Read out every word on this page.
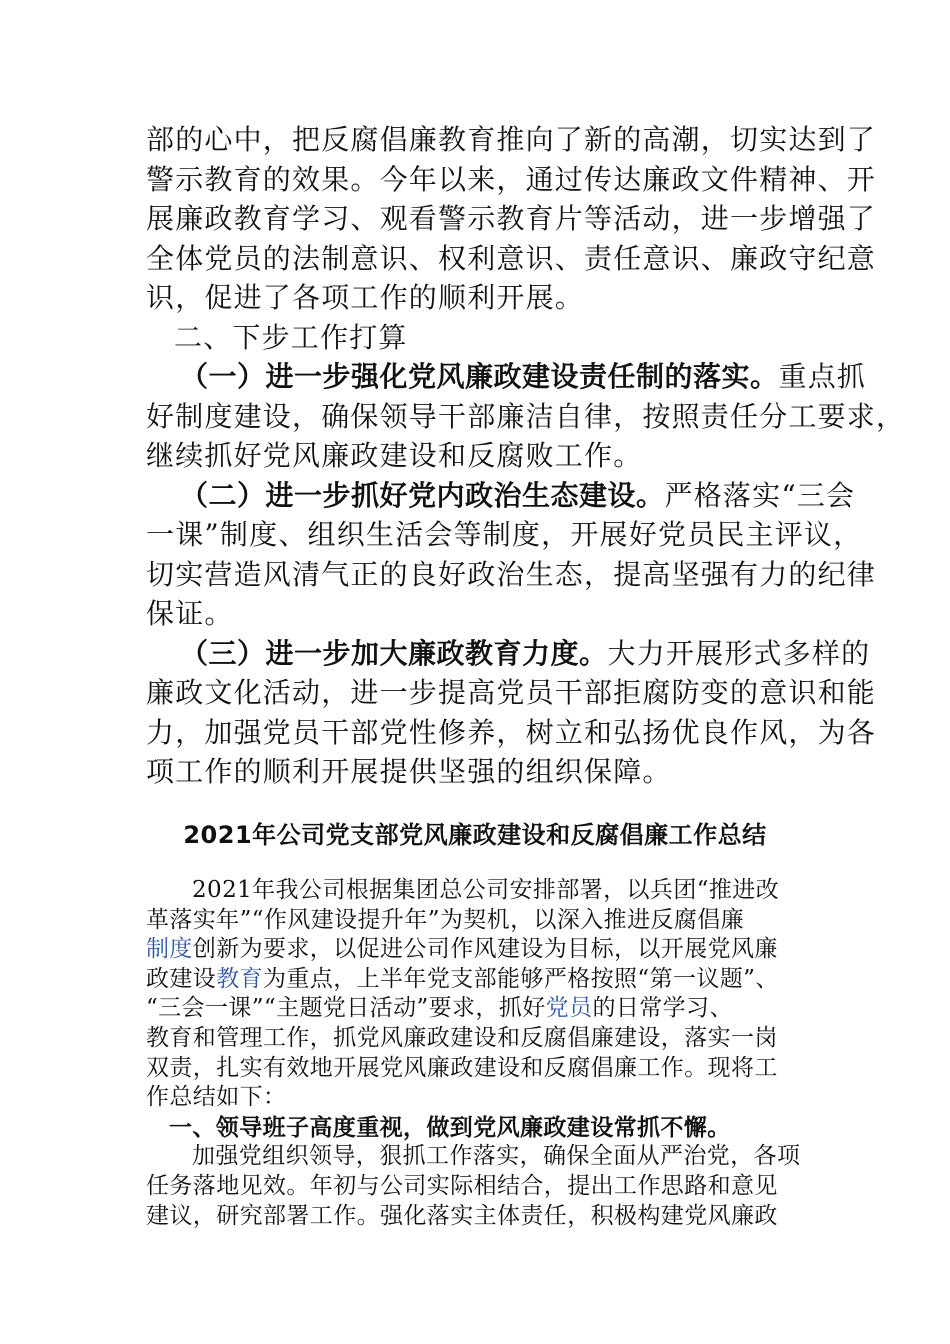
部的心中，把反腐倡廉教育推向了新的高潮，切实达到了
警示教育的效果。今年以来，通过传达廉政文件精神、开
展廉政教育学习、观看警示教育片等活动，进一步增强了
全体党员的法制意识、权利意识、责任意识、廉政守纪意
识，促进了各项工作的顺利开展。
二、下步工作打算
（一）进一步强化党风廉政建设责任制的落实。重点抓
好制度建设，确保领导干部廉洁自律，按照责任分工要求，
继续抓好党风廉政建设和反腐败工作。
（二）进一步抓好党内政治生态建设。严格落实“三会
一课”制度、组织生活会等制度，开展好党员民主评议，
切实营造风清气正的良好政治生态，提高坚强有力的纪律
保证。
（三）进一步加大廉政教育力度。大力开展形式多样的
廉政文化活动，进一步提高党员干部拒腐防变的意识和能
力，加强党员干部党性修养，树立和弘扬优良作风，为各
项工作的顺利开展提供坚强的组织保障。
2021年公司党支部党风廉政建设和反腐倡廉工作总结
2021年我公司根据集团总公司安排部署，以兵团“推进改
革落实年”“作风建设提升年”为契机，以深入推进反腐倡廉
制度创新为要求，以促进公司作风建设为目标，以开展党风廉
政建设教育为重点，上半年党支部能够严格按照“第一议题”、
“三会一课”“主题党日活动”要求，抓好党员的日常学习、
教育和管理工作，抓党风廉政建设和反腐倡廉建设，落实一岗
双责，扎实有效地开展党风廉政建设和反腐倡廉工作。现将工
作总结如下：
一、领导班子高度重视，做到党风廉政建设常抓不懈。
加强党组织领导，狠抓工作落实，确保全面从严治党，各项
任务落地见效。年初与公司实际相结合，提出工作思路和意见
建议，研究部署工作。强化落实主体责任，积极构建党风廉政
